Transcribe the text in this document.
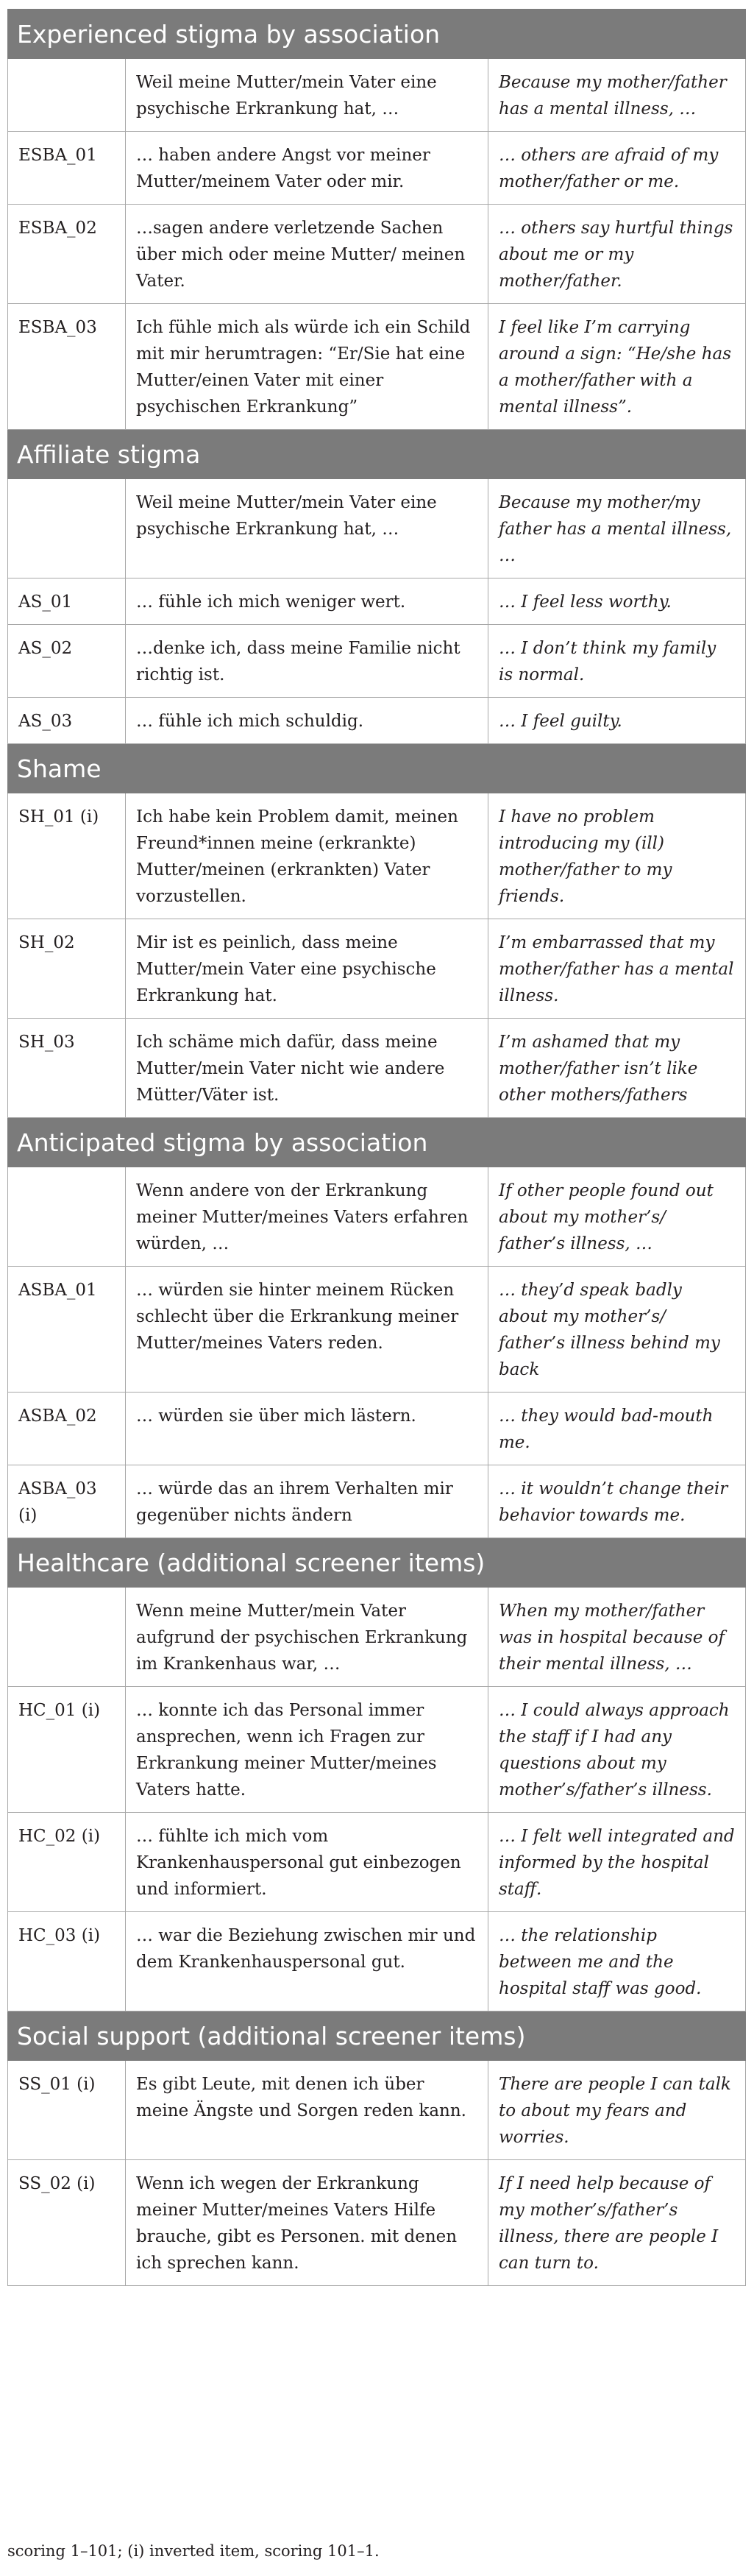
Experienced stigma by association		
	Weil meine Mutter/mein Vater eine psychische Erkrankung hat, …	Because my mother/father has a mental illness, …
ESBA_01	… haben andere Angst vor meiner Mutter/meinem Vater oder mir.	… others are afraid of my mother/father or me.
ESBA_02	…sagen andere verletzende Sachen über mich oder meine Mutter/ meinen Vater.	… others say hurtful things about me or my mother/father.
ESBA_03	Ich fühle mich als würde ich ein Schild mit mir herumtragen: “Er/Sie hat eine Mutter/einen Vater mit einer psychischen Erkrankung”	I feel like I’m carrying around a sign: “He/she has a mother/father with a mental illness”.
Affiliate stigma		
	Weil meine Mutter/mein Vater eine psychische Erkrankung hat, …	Because my mother/my father has a mental illness, …
AS_01	… fühle ich mich weniger wert.	… I feel less worthy.
AS_02	…denke ich, dass meine Familie nicht richtig ist.	… I don’t think my family is normal.
AS_03	… fühle ich mich schuldig.	… I feel guilty.
Shame		
SH_01 (i)	Ich habe kein Problem damit, meinen Freund*innen meine (erkrankte) Mutter/meinen (erkrankten) Vater vorzustellen.	I have no problem introducing my (ill) mother/father to my friends.
SH_02	Mir ist es peinlich, dass meine Mutter/mein Vater eine psychische Erkrankung hat.	I’m embarrassed that my mother/father has a mental illness.
SH_03	Ich schäme mich dafür, dass meine Mutter/mein Vater nicht wie andere Mütter/Väter ist.	I’m ashamed that my mother/father isn’t like other mothers/fathers
Anticipated stigma by association		
	Wenn andere von der Erkrankung meiner Mutter/meines Vaters erfahren würden, …	If other people found out about my mother’s/ father’s illness, …
ASBA_01	… würden sie hinter meinem Rücken schlecht über die Erkrankung meiner Mutter/meines Vaters reden.	… they’d speak badly about my mother’s/ father’s illness behind my back
ASBA_02	… würden sie über mich lästern.	… they would bad-mouth me.
ASBA_03 (i)	… würde das an ihrem Verhalten mir gegenüber nichts ändern	… it wouldn’t change their behavior towards me.
Healthcare (additional screener items)		
	Wenn meine Mutter/mein Vater aufgrund der psychischen Erkrankung im Krankenhaus war, …	When my mother/father was in hospital because of their mental illness, …
HC_01 (i)	… konnte ich das Personal immer ansprechen, wenn ich Fragen zur Erkrankung meiner Mutter/meines Vaters hatte.	… I could always approach the staff if I had any questions about my mother’s/father’s illness.
HC_02 (i)	… fühlte ich mich vom Krankenhauspersonal gut einbezogen und informiert.	… I felt well integrated and informed by the hospital staff.
HC_03 (i)	… war die Beziehung zwischen mir und dem Krankenhauspersonal gut.	… the relationship between me and the hospital staff was good.
Social support (additional screener items)		
SS_01 (i)	Es gibt Leute, mit denen ich über meine Ängste und Sorgen reden kann.	There are people I can talk to about my fears and worries.
SS_02 (i)	Wenn ich wegen der Erkrankung meiner Mutter/meines Vaters Hilfe brauche, gibt es Personen. mit denen ich sprechen kann.	If I need help because of my mother’s/father’s illness, there are people I can turn to.
scoring 1–101; (i) inverted item, scoring 101–1.
